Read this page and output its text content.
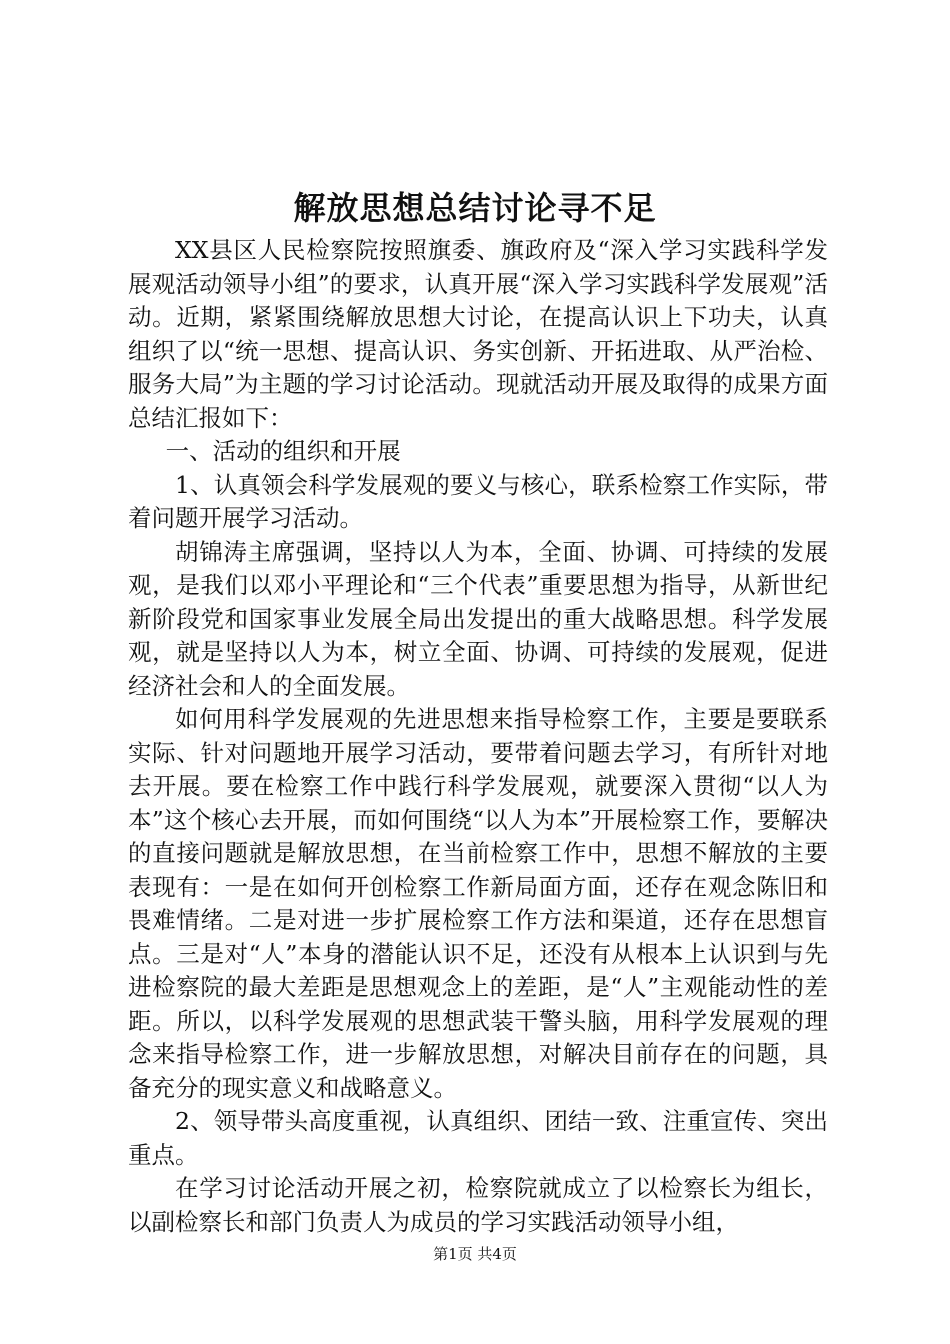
解放思想总结讨论寻不足

XX县区人民检察院按照旗委、旗政府及“深入学习实践科学发展观活动领导小组”的要求，认真开展“深入学习实践科学发展观”活动。近期，紧紧围绕解放思想大讨论，在提高认识上下功夫，认真组织了以“统一思想、提高认识、务实创新、开拓进取、从严治检、服务大局”为主题的学习讨论活动。现就活动开展及取得的成果方面总结汇报如下：

一、活动的组织和开展

1、认真领会科学发展观的要义与核心，联系检察工作实际，带着问题开展学习活动。

胡锦涛主席强调，坚持以人为本，全面、协调、可持续的发展观，是我们以邓小平理论和“三个代表”重要思想为指导，从新世纪新阶段党和国家事业发展全局出发提出的重大战略思想。科学发展观，就是坚持以人为本，树立全面、协调、可持续的发展观，促进经济社会和人的全面发展。

如何用科学发展观的先进思想来指导检察工作，主要是要联系实际、针对问题地开展学习活动，要带着问题去学习，有所针对地去开展。要在检察工作中践行科学发展观，就要深入贯彻“以人为本”这个核心去开展，而如何围绕“以人为本”开展检察工作，要解决的直接问题就是解放思想，在当前检察工作中，思想不解放的主要表现有：一是在如何开创检察工作新局面方面，还存在观念陈旧和畏难情绪。二是对进一步扩展检察工作方法和渠道，还存在思想盲点。三是对“人”本身的潜能认识不足，还没有从根本上认识到与先进检察院的最大差距是思想观念上的差距，是“人”主观能动性的差距。所以，以科学发展观的思想武装干警头脑，用科学发展观的理念来指导检察工作，进一步解放思想，对解决目前存在的问题，具备充分的现实意义和战略意义。

2、领导带头高度重视，认真组织、团结一致、注重宣传、突出重点。

在学习讨论活动开展之初，检察院就成立了以检察长为组长，以副检察长和部门负责人为成员的学习实践活动领导小组，

第1页 共4页
